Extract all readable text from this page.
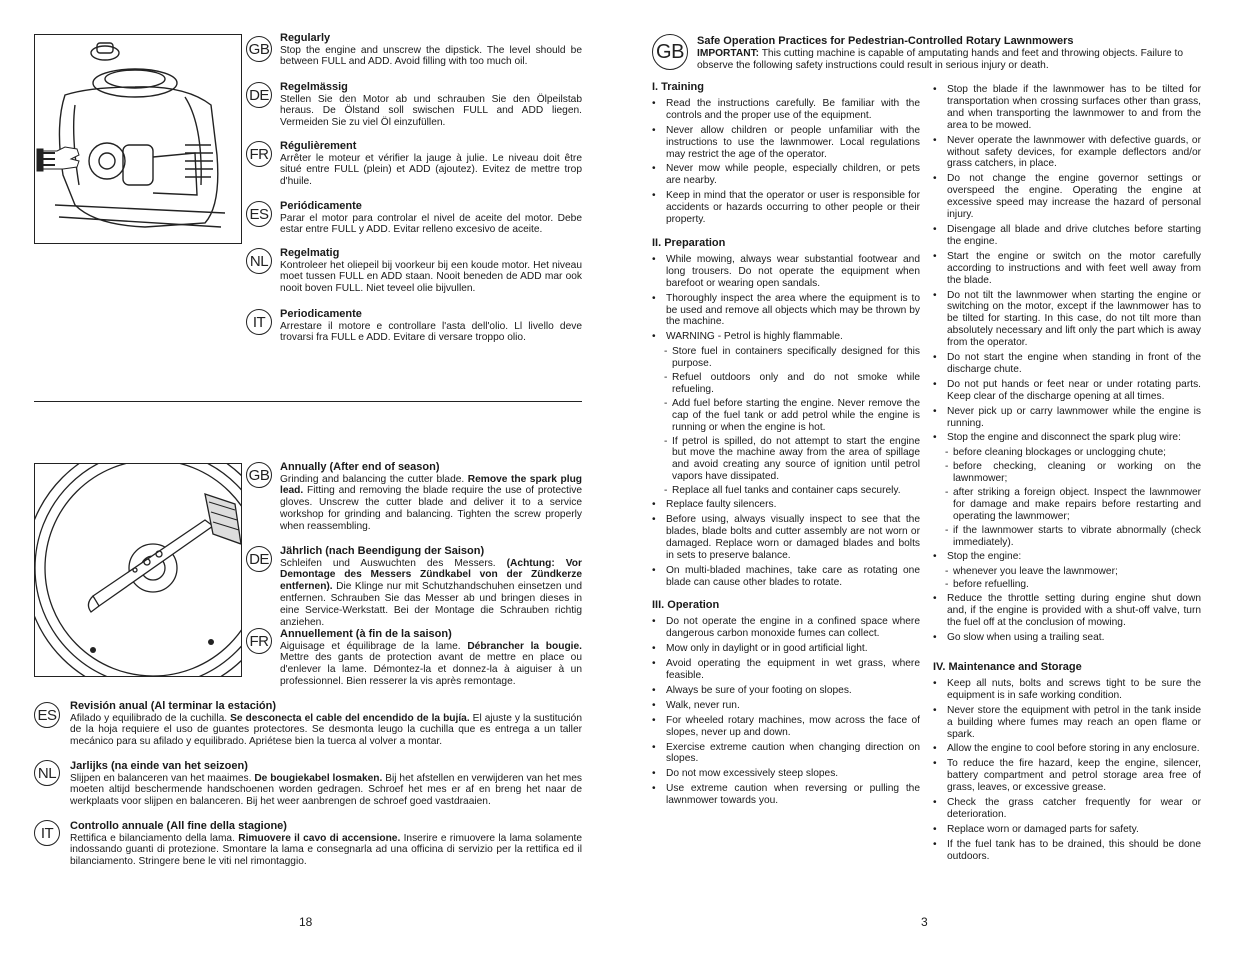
GB
Regularly

Stop the engine and unscrew the dipstick. The level should be between FULL and ADD. Avoid filling with too much oil.

DE Regelmässig

Stellen Sie den Motor ab und schrauben Sie den Ölpeilstab heraus. De Ölstand soll swischen FULL and ADD liegen. Vermeiden Sie zu viel Öl einzufüllen.

FR	Régulièrement

Arrêter le moteur et vérifier la jauge à julie. Le niveau doit être situé entre FULL (plein) et ADD (ajoutez). Evitez de mettre trop d'huile.

ES	Periódicamente

Parar el motor para controlar el nivel de aceite del motor. Debe estar entre FULL y ADD. Evitar relleno excesivo de aceite.

NL	Regelmatig

Kontroleer het oliepeil bij voorkeur bij een koude motor. Het niveau moet tussen FULL en ADD staan. Nooit beneden de ADD mar ook nooit boven FULL. Niet teveel olie bijvullen.

IT	Periodicamente

Arrestare il motore e controllare l'asta dell'olio. Ll livello deve trovarsi fra FULL e ADD. Evitare di versare troppo olio.

GB Annually (After end of season)

Grinding and balancing the cutter blade. Remove the spark plug lead. Fitting and removing the blade require the use of protective gloves. Unscrew the cutter blade and deliver it to a service workshop for grinding and balancing. Tighten the screw properly when reassembling.

DE Jährlich (nach Beendigung der Saison)

Schleifen und Auswuchten des Messers. (Achtung: Vor Demontage des Messers Zündkabel von der Zündkerze entfernen). Die Klinge nur mit Schutzhandschuhen einsetzen und entfernen. Schrauben Sie das Messer ab und bringen dieses in eine Service-Werkstatt. Bei der Montage die Schrauben richtig anziehen.

FR	Annuellement (à fin de la saison)

Aiguisage et équilibrage de la lame. Débrancher la bougie. Mettre des gants de protection avant de mettre en place ou d'enlever la lame. Démontez-la et donnez-la à aiguiser à un professionnel. Bien resserer la vis après remontage.

ES
Revisión anual (Al terminar la estación)

Afilado y equilibrado de la cuchilla. Se desconecta el cable del encendido de la bujía. El ajuste y la sustitución de la hoja requiere el uso de guantes protectores. Se desmonta leugo la cuchilla que es entrega a un taller mecánico para su afilado y equilibrado. Apriétese bien la tuerca al volver a montar.

NL	Jarlijks (na einde van het seizoen)

Slijpen en balanceren van het maaimes. De bougiekabel losmaken. Bij het afstellen en verwijderen van het mes moeten altijd beschermende handschoenen worden gedragen. Schroef het mes er af en breng het naar de werkplaats voor slijpen en balanceren. Bij het weer aanbrengen de schroef goed vastdraaien.

IT	Controllo annuale (All fine della stagione)

Rettifica e bilanciamento della lama. Rimuovere il cavo di accensione. Inserire e rimuovere la lama solamente indossando guanti di protezione. Smontare la lama e consegnarla ad una officina di servizio per la rettifica ed il bilanciamento. Stringere bene le viti nel rimontaggio.

18
GB	Safe Operation Practices for Pedestrian-Controlled Rotary Lawnmowers
IMPORTANT: This cutting machine is capable of amputating hands and feet and throwing objects. Failure to observe the following safety instructions could result in serious injury or death.
I. Training
• Read the instructions carefully. Be familiar with the controls and the proper use of the equipment.
• Never allow children or people unfamiliar with the instructions to use the lawnmower. Local regulations may restrict the age of the operator.
• Never mow while people, especially children, or pets are nearby.
• Keep in mind that the operator or user is responsible for accidents or hazards occurring to other people or their property.
II. Preparation
• While mowing, always wear substantial footwear and long trousers. Do not operate the equipment when barefoot or wearing open sandals.
• Thoroughly inspect the area where the equipment is to be used and remove all objects which may be thrown by the machine.
• WARNING - Petrol is highly flammable.
- Store fuel in containers specifically designed for this purpose.
- Refuel outdoors only and do not smoke while refueling.
- Add fuel before starting the engine. Never remove the cap of the fuel tank or add petrol while the engine is running or when the engine is hot.
- If petrol is spilled, do not attempt to start the engine but move the machine away from the area of spillage and avoid creating any source of ignition until petrol vapors have dissipated.
- Replace all fuel tanks and container caps securely.
• Replace faulty silencers.
• Before using, always visually inspect to see that the blades, blade bolts and cutter assembly are not worn or damaged. Replace worn or damaged blades and bolts in sets to preserve balance.
• On multi-bladed machines, take care as rotating one blade can cause other blades to rotate.
III. Operation
• Do not operate the engine in a confined space where dangerous carbon monoxide fumes can collect.
• Mow only in daylight or in good artificial light.
• Avoid operating the equipment in wet grass, where feasible.
• Always be sure of your footing on slopes.
• Walk, never run.
• For wheeled rotary machines, mow across the face of slopes, never up and down.
• Exercise extreme caution when changing direction on slopes.
• Do not mow excessively steep slopes.
• Use extreme caution when reversing or pulling the lawnmower towards you.
• Stop the blade if the lawnmower has to be tilted for transportation when crossing surfaces other than grass, and when transporting the lawnmower to and from the area to be mowed.
• Never operate the lawnmower with defective guards, or without safety devices, for example deflectors and/or grass catchers, in place.
• Do not change the engine governor settings or overspeed the engine. Operating the engine at excessive speed may increase the hazard of personal injury.
• Disengage all blade and drive clutches before starting the engine.
• Start the engine or switch on the motor carefully according to instructions and with feet well away from the blade.
• Do not tilt the lawnmower when starting the engine or switching on the motor, except if the lawnmower has to be tilted for starting. In this case, do not tilt more than absolutely necessary and lift only the part which is away from the operator.
• Do not start the engine when standing in front of the discharge chute.
• Do not put hands or feet near or under rotating parts. Keep clear of the discharge opening at all times.
• Never pick up or carry lawnmower while the engine is running.
• Stop the engine and disconnect the spark plug wire:
- before cleaning blockages or unclogging chute;
- before checking, cleaning or working on the lawnmower;
- after striking a foreign object. Inspect the lawnmower for damage and make repairs before restarting and operating the lawnmower;
- if the lawnmower starts to vibrate abnormally (check immediately).
• Stop the engine:
- whenever you leave the lawnmower;
- before refuelling.
• Reduce the throttle setting during engine shut down and, if the engine is provided with a shut-off valve, turn the fuel off at the conclusion of mowing.
• Go slow when using a trailing seat.
IV. Maintenance and Storage
• Keep all nuts, bolts and screws tight to be sure the equipment is in safe working condition.
• Never store the equipment with petrol in the tank inside a building where fumes may reach an open flame or spark.
• Allow the engine to cool before storing in any enclosure.
• To reduce the fire hazard, keep the engine, silencer, battery compartment and petrol storage area free of grass, leaves, or excessive grease.
• Check the grass catcher frequently for wear or deterioration.
• Replace worn or damaged parts for safety.
• If the fuel tank has to be drained, this should be done outdoors.
3
